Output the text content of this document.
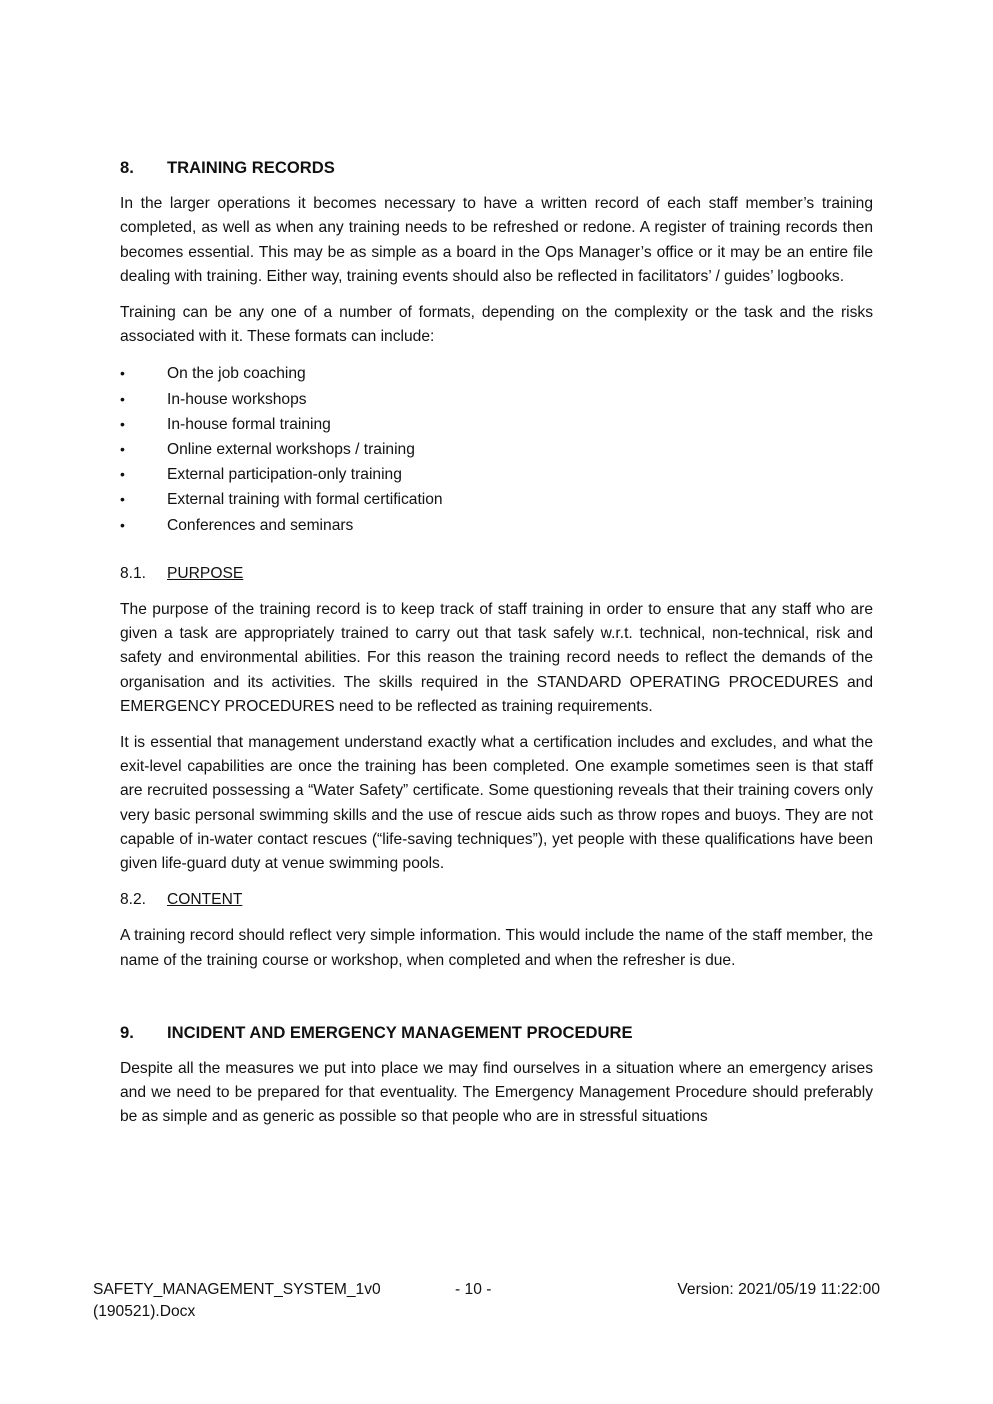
8.	TRAINING RECORDS

In the larger operations it becomes necessary to have a written record of each staff member’s training completed, as well as when any training needs to be refreshed or redone. A register of training records then becomes essential. This may be as simple as a board in the Ops Manager’s office or it may be an entire file dealing with training. Either way, training events should also be reflected in facilitators’ / guides’ logbooks.

Training can be any one of a number of formats, depending on the complexity or the task and the risks associated with it. These formats can include:

•	On the job coaching
•	In-house workshops
•	In-house formal training
•	Online external workshops / training
•	External participation-only training
•	External training with formal certification
•	Conferences and seminars
8.1.	PURPOSE

The purpose of the training record is to keep track of staff training in order to ensure that any staff who are given a task are appropriately trained to carry out that task safely w.r.t. technical, non-technical, risk and safety and environmental abilities. For this reason the training record needs to reflect the demands of the organisation and its activities. The skills required in the STANDARD OPERATING PROCEDURES and EMERGENCY PROCEDURES need to be reflected as training requirements.

It is essential that management understand exactly what a certification includes and excludes, and what the exit-level capabilities are once the training has been completed. One example sometimes seen is that staff are recruited possessing a “Water Safety” certificate. Some questioning reveals that their training covers only very basic personal swimming skills and the use of rescue aids such as throw ropes and buoys. They are not capable of in-water contact rescues (“life-saving techniques”), yet people with these qualifications have been given life-guard duty at venue swimming pools.

8.2.	CONTENT

A training record should reflect very simple information. This would include the name of the staff member, the name of the training course or workshop, when completed and when the refresher is due.

9.	INCIDENT AND EMERGENCY MANAGEMENT PROCEDURE

Despite all the measures we put into place we may find ourselves in a situation where an emergency arises and we need to be prepared for that eventuality. The Emergency Management Procedure should preferably be as simple and as generic as possible so that people who are in stressful situations

SAFETY_MANAGEMENT_SYSTEM_1v0
(190521).Docx
- 10 -	Version: 2021/05/19 11:22:00
